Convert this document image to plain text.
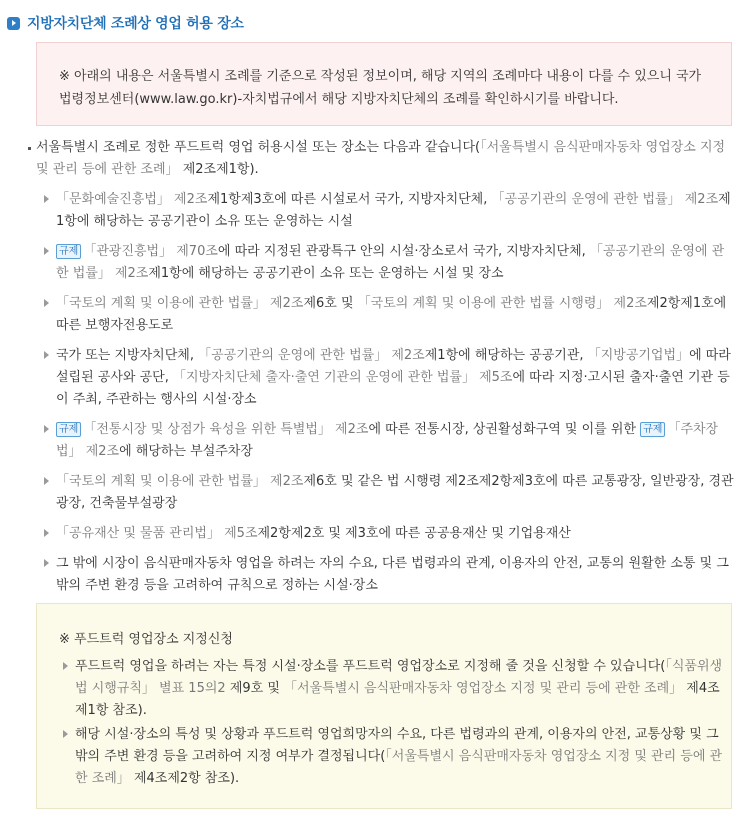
지방자치단체 조례상 영업 허용 장소
※ 아래의 내용은 서울특별시 조례를 기준으로 작성된 정보이며, 해당 지역의 조례마다 내용이 다를 수 있으니 국가법령정보센터(www.law.go.kr)-자치법규에서 해당 지방자치단체의 조례를 확인하시기를 바랍니다.
서울특별시 조례로 정한 푸드트럭 영업 허용시설 또는 장소는 다음과 같습니다(「서울특별시 음식판매자동차 영업장소 지정 및 관리 등에 관한 조례」 제2조제1항).
「문화예술진흥법」 제2조제1항제3호에 따른 시설로서 국가, 지방자치단체, 「공공기관의 운영에 관한 법률」 제2조제1항에 해당하는 공공기관이 소유 또는 운영하는 시설
규제 「관광진흥법」 제70조에 따라 지정된 관광특구 안의 시설·장소로서 국가, 지방자치단체, 「공공기관의 운영에 관한 법률」 제2조제1항에 해당하는 공공기관이 소유 또는 운영하는 시설 및 장소
「국토의 계획 및 이용에 관한 법률」 제2조제6호 및 「국토의 계획 및 이용에 관한 법률 시행령」 제2조제2항제1호에 따른 보행자전용도로
국가 또는 지방자치단체, 「공공기관의 운영에 관한 법률」 제2조제1항에 해당하는 공공기관, 「지방공기업법」에 따라 설립된 공사와 공단, 「지방자치단체 출자·출연 기관의 운영에 관한 법률」 제5조에 따라 지정·고시된 출자·출연 기관 등이 주최, 주관하는 행사의 시설·장소
규제 「전통시장 및 상점가 육성을 위한 특별법」 제2조에 따른 전통시장, 상권활성화구역 및 이를 위한 규제 「주차장법」 제2조에 해당하는 부설주차장
「국토의 계획 및 이용에 관한 법률」 제2조제6호 및 같은 법 시행령 제2조제2항제3호에 따른 교통광장, 일반광장, 경관광장, 건축물부설광장
「공유재산 및 물품 관리법」 제5조제2항제2호 및 제3호에 따른 공공용재산 및 기업용재산
그 밖에 시장이 음식판매자동차 영업을 하려는 자의 수요, 다른 법령과의 관계, 이용자의 안전, 교통의 원활한 소통 및 그 밖의 주변 환경 등을 고려하여 규칙으로 정하는 시설·장소
※ 푸드트럭 영업장소 지정신청
푸드트럭 영업을 하려는 자는 특정 시설·장소를 푸드트럭 영업장소로 지정해 줄 것을 신청할 수 있습니다(「식품위생법 시행규칙」 별표 15의2 제9호 및 「서울특별시 음식판매자동차 영업장소 지정 및 관리 등에 관한 조례」 제4조제1항 참조).
해당 시설·장소의 특성 및 상황과 푸드트럭 영업희망자의 수요, 다른 법령과의 관계, 이용자의 안전, 교통상황 및 그 밖의 주변 환경 등을 고려하여 지정 여부가 결정됩니다(「서울특별시 음식판매자동차 영업장소 지정 및 관리 등에 관한 조례」 제4조제2항 참조).
